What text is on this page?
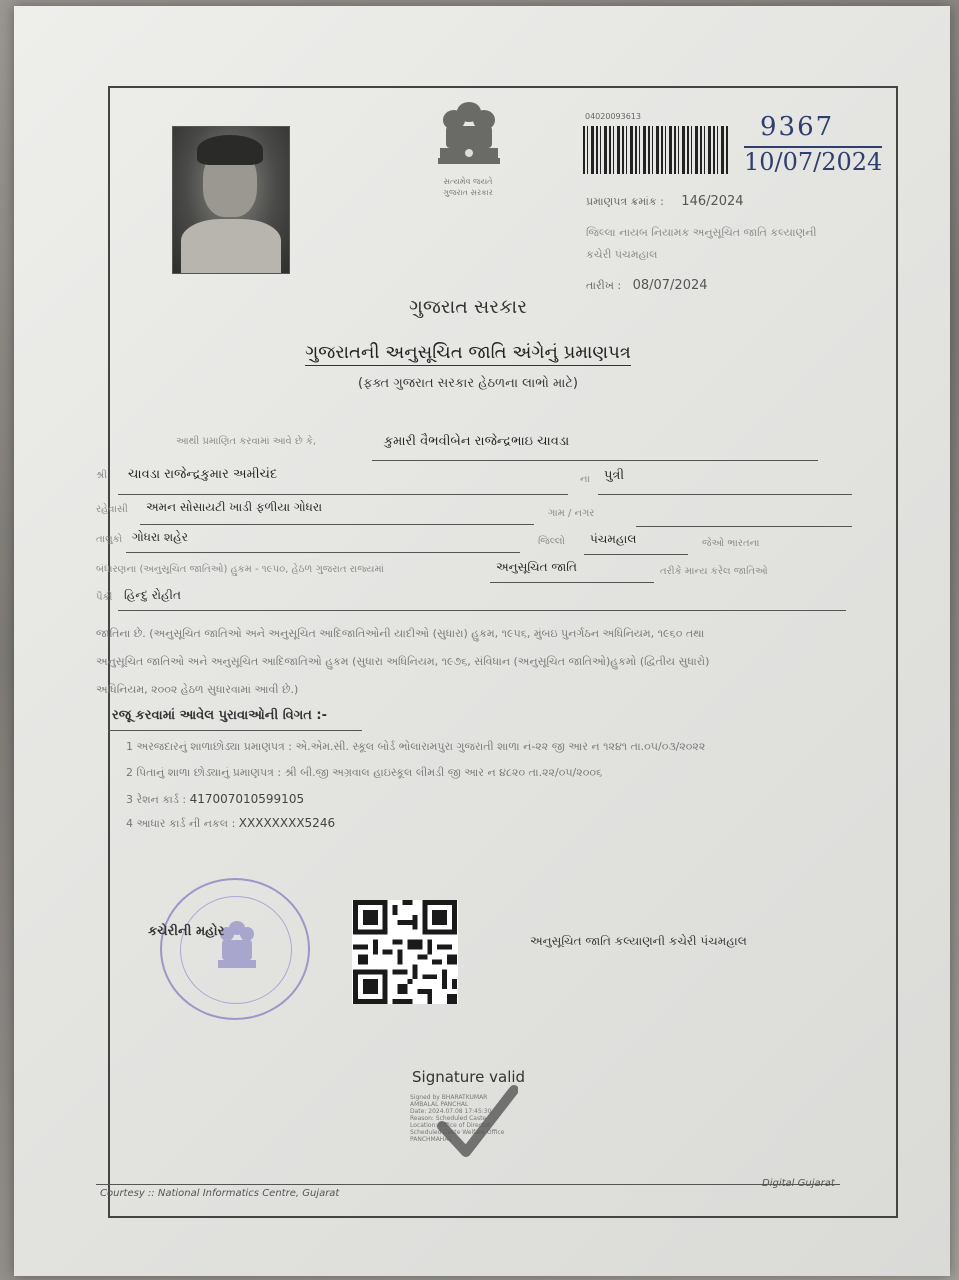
સત્યમેવ જયતે
ગુજરાત સરકાર
04020093613	9367
10/07/2024
પ્રમાણપત્ર ક્રમાંક : 146/2024
જિલ્લા નાયબ નિયામક અનુસૂચિત જાતિ કલ્યાણની
કચેરી પંચમહાલ
તારીખ : 08/07/2024
ગુજરાત સરકાર
ગુજરાતની અનુસૂચિત જાતિ અંગેનું પ્રમાણપત્ર
(ફક્ત ગુજરાત સરકાર હેઠળના લાભો માટે)
આથી પ્રમાણિત કરવામાં આવે છે કે,	કુમારી વૈભવીબેન રાજેન્દ્રભાઇ ચાવડા
શ્રી ચાવડા રાજેન્દ્રકુમાર અમીચંદ	ના પુત્રી
રહેવાસી અમન સોસાયટી ખાડી ફળીયા ગોધરા	ગામ / નગર
તાલુકો ગોધરા શહેર	જિલ્લો પંચમહાલ	જેઓ ભારતના
બંધારણના (અનુસૂચિત જાતિઓ) હુકમ - ૧૯૫૦, હેઠળ ગુજરાત રાજ્યમાં	અનુસૂચિત જાતિ	તરીકે માન્ય કરેલ જાતિઓ
પૈકી હિન્દુ રોહીત
જાતિના છે. (અનુસૂચિત જાતિઓ અને અનુસૂચિત આદિજાતિઓની યાદીઓ (સુધારા) હુકમ, ૧૯૫૬, મુંબઇ પુનર્ગઠન અધિનિયમ, ૧૯૬૦ તથા
અનુસૂચિત જાતિઓ અને અનુસૂચિત આદિજાતિઓ હુકમ (સુધારા અધિનિયમ, ૧૯૭૬, સંવિધાન (અનુસૂચિત જાતિઓ)હુકમો (દ્વિતીય સુધારો)
અધિનિયમ, ૨૦૦૨ હેઠળ સુધારવામાં આવી છે.)
રજૂ કરવામાં આવેલ પુરાવાઓની વિગત :-
1 અરજદારનું શાળાછોડ્યા પ્રમાણપત્ર : એ.એમ.સી. સ્કૂલ બોર્ડ ભોલારામપુરા ગુજરાતી શાળા નં-૨૨ જી આર ન ૧૨૪૧ તા.૦૫/૦૩/૨૦૨૨
2 પિતાનું શાળા છોડ્યાનું પ્રમાણપત્ર : શ્રી બી.જી અગ્રવાલ હાઇસ્કૂલ લીમડી જી આર ન ૪૮૨૦ તા.૨૨/૦૫/૨૦૦૬
3 રેશન કાર્ડ : 417007010599105
4 આધાર કાર્ડ ની નકલ : XXXXXXXX5246
કચેરીની મહોર
અનુસૂચિત જાતિ કલ્યાણની કચેરી પંચમહાલ
Signature valid
Signed by BHARATKUMAR
AMBALAL PANCHAL
Date: 2024.07.08 17:45:30
Reason: Scheduled Caste
Location: Office of Director
Scheduled Caste Welfare Office
PANCHMAHAL
Courtesy :: National Informatics Centre, Gujarat
Digital Gujarat
